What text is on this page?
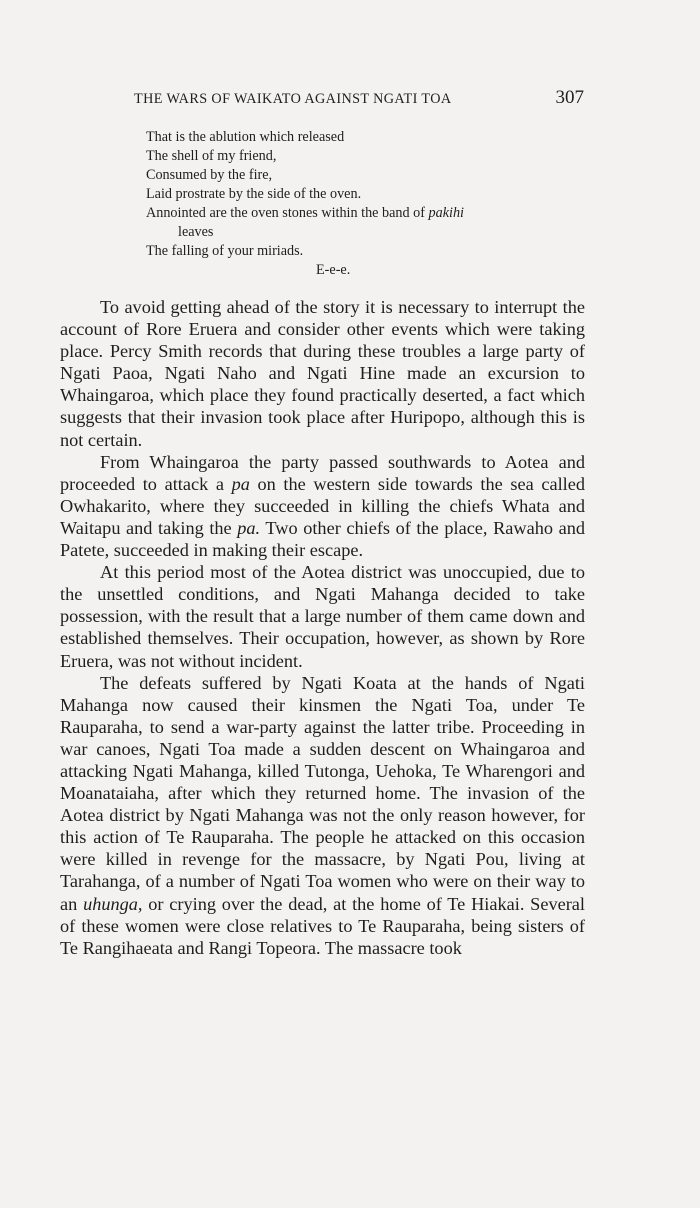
THE WARS OF WAIKATO AGAINST NGATI TOA	307
That is the ablution which released
The shell of my friend,
Consumed by the fire,
Laid prostrate by the side of the oven.
Annointed are the oven stones within the band of pakihi
leaves
The falling of your miriads.
E-e-e.

To avoid getting ahead of the story it is necessary to interrupt the account of Rore Eruera and consider other events which were taking place. Percy Smith records that during these troubles a large party of Ngati Paoa, Ngati Naho and Ngati Hine made an excursion to Whaingaroa, which place they found practically deserted, a fact which suggests that their invasion took place after Huripopo, although this is not certain.

From Whaingaroa the party passed southwards to Aotea and proceeded to attack a pa on the western side towards the sea called Owhakarito, where they succeeded in killing the chiefs Whata and Waitapu and taking the pa. Two other chiefs of the place, Rawaho and Patete, succeeded in making their escape.

At this period most of the Aotea district was unoccupied, due to the unsettled conditions, and Ngati Mahanga decided to take possession, with the result that a large number of them came down and established themselves. Their occupation, however, as shown by Rore Eruera, was not without incident.

The defeats suffered by Ngati Koata at the hands of Ngati Mahanga now caused their kinsmen the Ngati Toa, under Te Rauparaha, to send a war-party against the latter tribe. Proceeding in war canoes, Ngati Toa made a sudden descent on Whaingaroa and attacking Ngati Mahanga, killed Tutonga, Uehoka, Te Wharengori and Moanataiaha, after which they returned home. The invasion of the Aotea district by Ngati Mahanga was not the only reason however, for this action of Te Rauparaha. The people he attacked on this occasion were killed in revenge for the massacre, by Ngati Pou, living at Tarahanga, of a number of Ngati Toa women who were on their way to an uhunga, or crying over the dead, at the home of Te Hiakai. Several of these women were close relatives to Te Rauparaha, being sisters of Te Rangihaeata and Rangi Topeora. The massacre took
